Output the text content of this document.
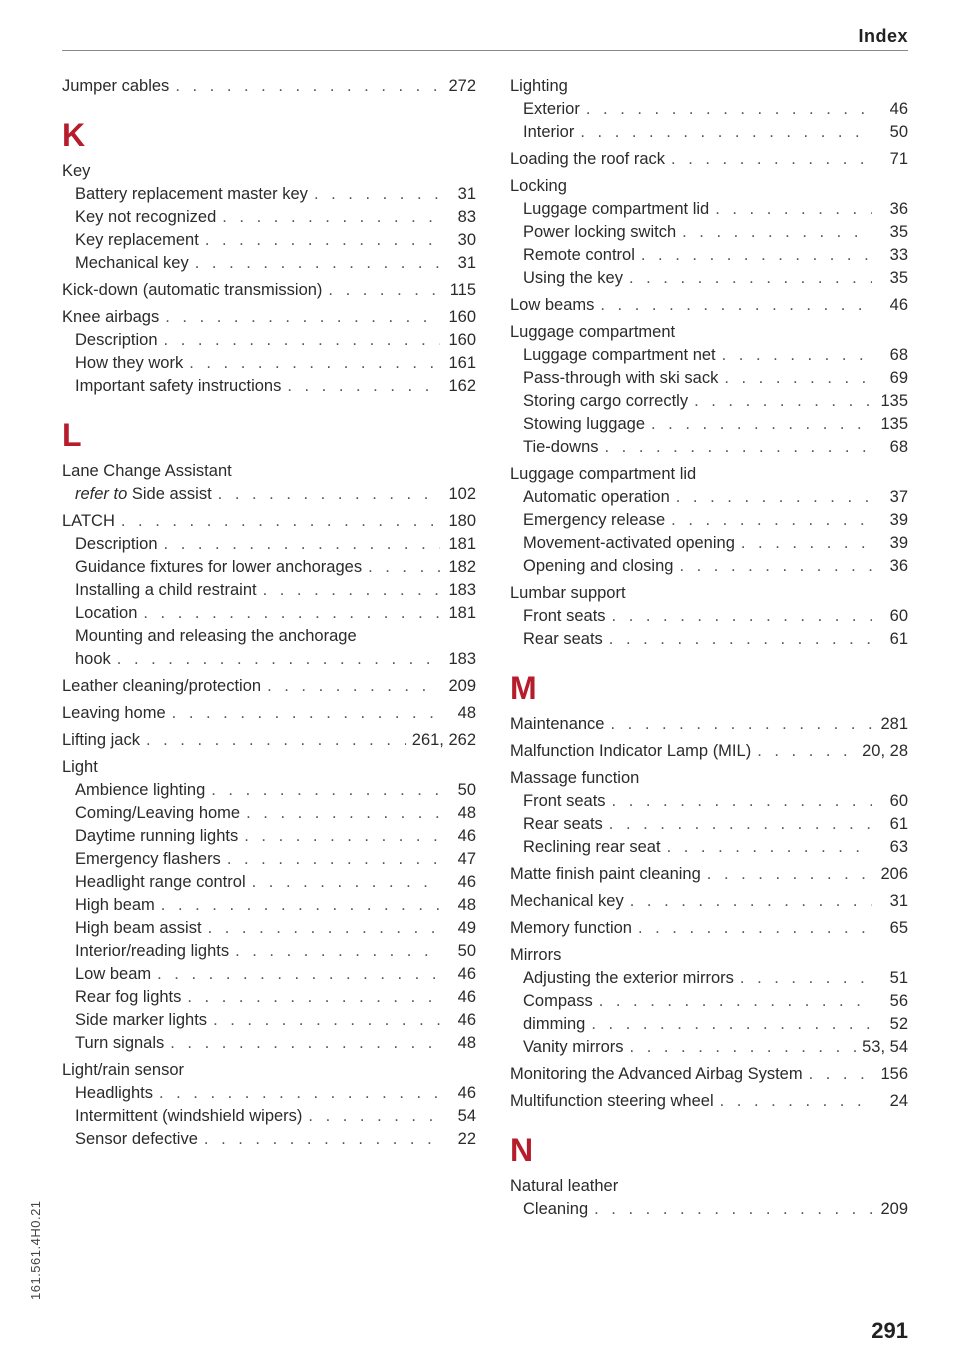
Index
Jumper cables . . .	272
K
Key
Battery replacement master key . . .	31
Key not recognized . . .	83
Key replacement . . .	30
Mechanical key . . .	31
Kick-down (automatic transmission) . . .	115
Knee airbags . . .	160
Description . . .	160
How they work . . .	161
Important safety instructions . . .	162
L
Lane Change Assistant
refer to Side assist . . .	102
LATCH . . .	180
Description . . .	181
Guidance fixtures for lower anchorages . . .	182
Installing a child restraint . . .	183
Location . . .	181
Mounting and releasing the anchorage
hook . . .	183
Leather cleaning/protection . . .	209
Leaving home . . .	48
Lifting jack . . .	261, 262
Light
Ambience lighting . . .	50
Coming/Leaving home . . .	48
Daytime running lights . . .	46
Emergency flashers . . .	47
Headlight range control . . .	46
High beam . . .	48
High beam assist . . .	49
Interior/reading lights . . .	50
Low beam . . .	46
Rear fog lights . . .	46
Side marker lights . . .	46
Turn signals . . .	48
Light/rain sensor
Headlights . . .	46
Intermittent (windshield wipers) . . .	54
Sensor defective . . .	22
Lighting
Exterior . . .	46
Interior . . .	50
Loading the roof rack . . .	71
Locking
Luggage compartment lid . . .	36
Power locking switch . . .	35
Remote control . . .	33
Using the key . . .	35
Low beams . . .	46
Luggage compartment
Luggage compartment net . . .	68
Pass-through with ski sack . . .	69
Storing cargo correctly . . .	135
Stowing luggage . . .	135
Tie-downs . . .	68
Luggage compartment lid
Automatic operation . . .	37
Emergency release . . .	39
Movement-activated opening . . .	39
Opening and closing . . .	36
Lumbar support
Front seats . . .	60
Rear seats . . .	61
M
Maintenance . . .	281
Malfunction Indicator Lamp (MIL) . . .	20, 28
Massage function
Front seats . . .	60
Rear seats . . .	61
Reclining rear seat . . .	63
Matte finish paint cleaning . . .	206
Mechanical key . . .	31
Memory function . . .	65
Mirrors
Adjusting the exterior mirrors . . .	51
Compass . . .	56
dimming . . .	52
Vanity mirrors . . .	53, 54
Monitoring the Advanced Airbag System . . .	156
Multifunction steering wheel . . .	24
N
Natural leather
Cleaning . . .	209
161.561.4H0.21
291
